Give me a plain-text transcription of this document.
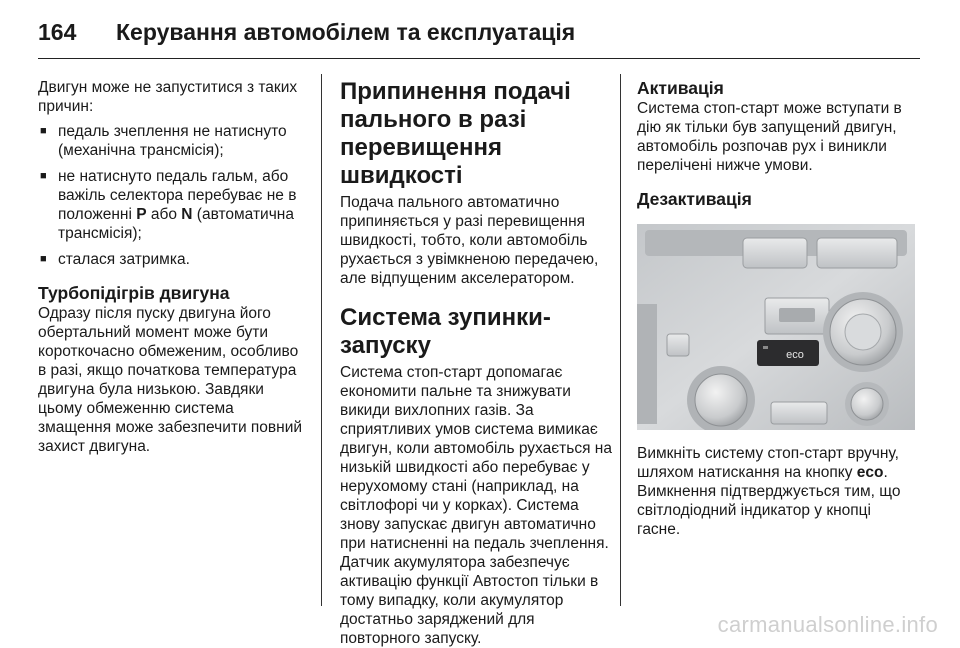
164	Керування автомобілем та експлуатація

Двигун може не запуститися з таких причин:

■ педаль зчеплення не натиснуто (механічна трансмісія);
■ не натиснуто педаль гальм, або важіль селектора перебуває не в положенні P або N (автоматична трансмісія);
■ сталася затримка.
Турбопідігрів двигуна

Одразу після пуску двигуна його обертальний момент може бути короткочасно обмеженим, особливо в разі, якщо початкова температура двигуна була низькою. Завдяки цьому обмеженню система змащення може забезпечити повний захист двигуна.

Припинення подачі пального в разі перевищення швидкості

Подача пального автоматично припиняється у разі перевищення швидкості, тобто, коли автомобіль рухається з увімкненою передачею, але відпущеним акселератором.

Система зупинки-запуску

Система стоп-старт допомагає економити пальне та знижувати викиди вихлопних газів. За сприятливих умов система вимикає двигун, коли автомобіль рухається на низькій швидкості або перебуває у нерухомому стані (наприклад, на світлофорі чи у корках). Система знову запускає двигун автоматично при натисненні на педаль зчеплення. Датчик акумулятора забезпечує активацію функції Автостоп тільки в тому випадку, коли акумулятор достатньо заряджений для повторного запуску.

Активація

Система стоп-старт може вступати в дію як тільки був запущений двигун, автомобіль розпочав рух і виникли перелічені нижче умови.

Дезактивація
eco

Вимкніть систему стоп-старт вручну, шляхом натискання на кнопку eco. Вимкнення підтверджується тим, що світлодіодний індикатор у кнопці гасне.

carmanualsonline.info
